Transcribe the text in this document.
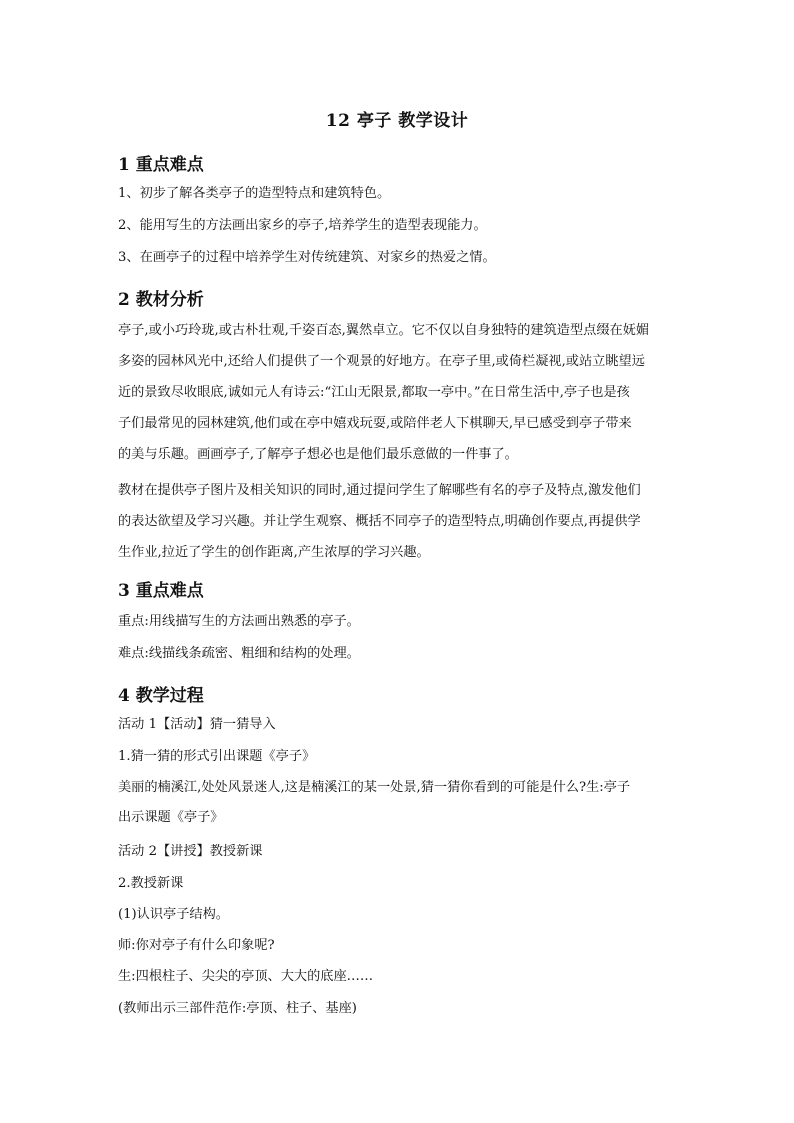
12 亭子 教学设计
1 重点难点
1、初步了解各类亭子的造型特点和建筑特色。
2、能用写生的方法画出家乡的亭子,培养学生的造型表现能力。
3、在画亭子的过程中培养学生对传统建筑、对家乡的热爱之情。
2 教材分析
亭子,或小巧玲珑,或古朴壮观,千姿百态,翼然卓立。它不仅以自身独特的建筑造型点缀在妩媚
多姿的园林风光中,还给人们提供了一个观景的好地方。在亭子里,或倚栏凝视,或站立眺望远
近的景致尽收眼底,诚如元人有诗云:“江山无限景,都取一亭中。”在日常生活中,亭子也是孩
子们最常见的园林建筑,他们或在亭中嬉戏玩耍,或陪伴老人下棋聊天,早已感受到亭子带来
的美与乐趣。画画亭子,了解亭子想必也是他们最乐意做的一件事了。
教材在提供亭子图片及相关知识的同时,通过提问学生了解哪些有名的亭子及特点,激发他们
的表达欲望及学习兴趣。并让学生观察、概括不同亭子的造型特点,明确创作要点,再提供学
生作业,拉近了学生的创作距离,产生浓厚的学习兴趣。
3 重点难点
重点:用线描写生的方法画出熟悉的亭子。
难点:线描线条疏密、粗细和结构的处理。
4 教学过程
活动 1【活动】猜一猜导入
1.猜一猜的形式引出课题《亭子》
美丽的楠溪江,处处风景迷人,这是楠溪江的某一处景,猜一猜你看到的可能是什么?生:亭子
出示课题《亭子》
活动 2【讲授】教授新课
2.教授新课
(1)认识亭子结构。
师:你对亭子有什么印象呢?
生:四根柱子、尖尖的亭顶、大大的底座……
(教师出示三部件范作:亭顶、柱子、基座)
